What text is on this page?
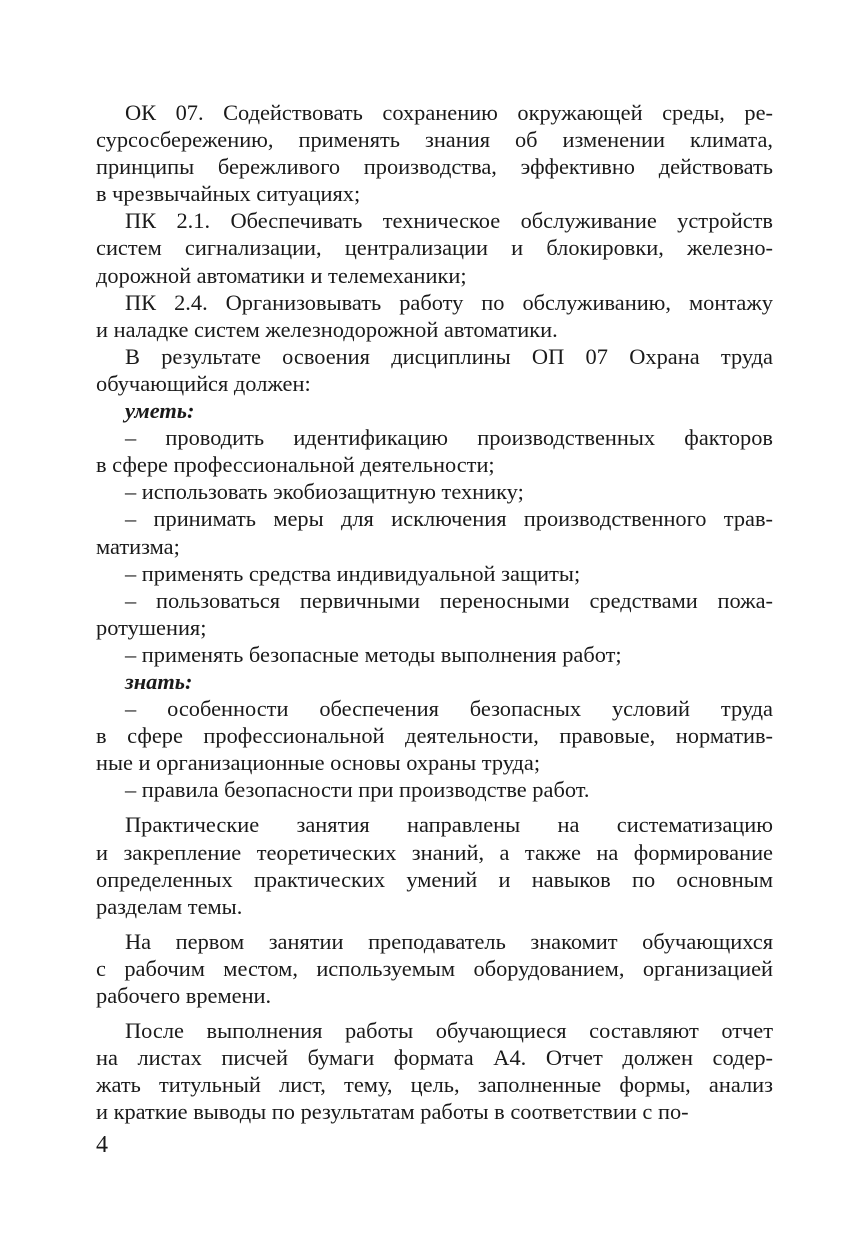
ОК 07. Содействовать сохранению окружающей среды, ре-
сурсосбережению, применять знания об изменении климата,
принципы бережливого производства, эффективно действовать
в чрезвычайных ситуациях;
ПК 2.1. Обеспечивать техническое обслуживание устройств
систем сигнализации, централизации и блокировки, железно-
дорожной автоматики и телемеханики;
ПК 2.4. Организовывать работу по обслуживанию, монтажу
и наладке систем железнодорожной автоматики.
В результате освоения дисциплины ОП 07 Охрана труда
обучающийся должен:
уметь:
– проводить идентификацию производственных факторов
в сфере профессиональной деятельности;
– использовать экобиозащитную технику;
– принимать меры для исключения производственного трав-
матизма;
– применять средства индивидуальной защиты;
– пользоваться первичными переносными средствами пожа-
ротушения;
– применять безопасные методы выполнения работ;
знать:
– особенности обеспечения безопасных условий труда
в сфере профессиональной деятельности, правовые, норматив-
ные и организационные основы охраны труда;
– правила безопасности при производстве работ.
Практические занятия направлены на систематизацию
и закрепление теоретических знаний, а также на формирование
определенных практических умений и навыков по основным
разделам темы.
На первом занятии преподаватель знакомит обучающихся
с рабочим местом, используемым оборудованием, организацией
рабочего времени.
После выполнения работы обучающиеся составляют отчет
на листах писчей бумаги формата А4. Отчет должен содер-
жать титульный лист, тему, цель, заполненные формы, анализ
и краткие выводы по результатам работы в соответствии с по-
4
